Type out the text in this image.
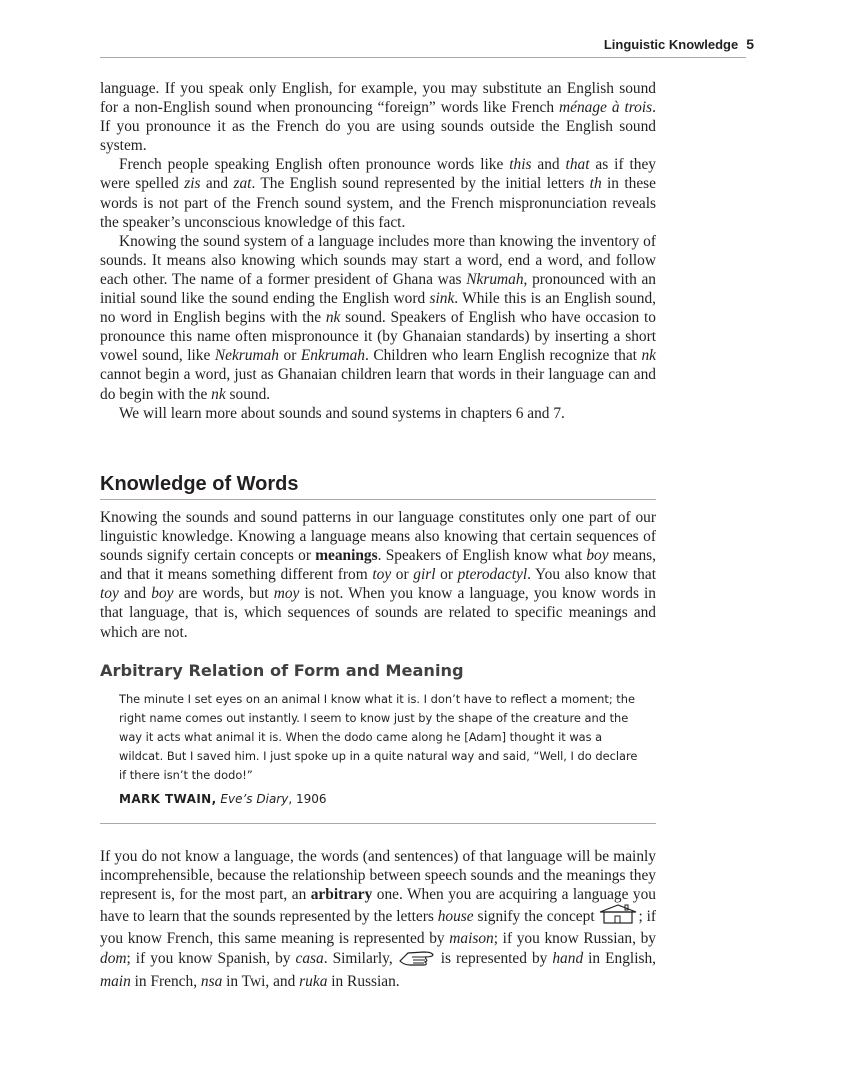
Linguistic Knowledge 5

language. If you speak only English, for example, you may substitute an English sound for a non-English sound when pronouncing “foreign” words like French ménage à trois. If you pronounce it as the French do you are using sounds outside the English sound system.

French people speaking English often pronounce words like this and that as if they were spelled zis and zat. The English sound represented by the initial letters th in these words is not part of the French sound system, and the French mispronunciation reveals the speaker’s unconscious knowledge of this fact.

Knowing the sound system of a language includes more than knowing the inventory of sounds. It means also knowing which sounds may start a word, end a word, and follow each other. The name of a former president of Ghana was Nkrumah, pronounced with an initial sound like the sound ending the English word sink. While this is an English sound, no word in English begins with the nk sound. Speakers of English who have occasion to pronounce this name often mispronounce it (by Ghanaian standards) by inserting a short vowel sound, like Nekrumah or Enkrumah. Children who learn English recognize that nk cannot begin a word, just as Ghanaian children learn that words in their language can and do begin with the nk sound.

We will learn more about sounds and sound systems in chapters 6 and 7.

Knowledge of Words

Knowing the sounds and sound patterns in our language constitutes only one part of our linguistic knowledge. Knowing a language means also knowing that certain sequences of sounds signify certain concepts or meanings. Speakers of English know what boy means, and that it means something different from toy or girl or pterodactyl. You also know that toy and boy are words, but moy is not. When you know a language, you know words in that language, that is, which sequences of sounds are related to specific meanings and which are not.

Arbitrary Relation of Form and Meaning

The minute I set eyes on an animal I know what it is. I don’t have to reflect a moment; the right name comes out instantly. I seem to know just by the shape of the creature and the way it acts what animal it is. When the dodo came along he [Adam] thought it was a wildcat. But I saved him. I just spoke up in a quite natural way and said, “Well, I do declare if there isn’t the dodo!”

MARK TWAIN, Eve’s Diary, 1906

If you do not know a language, the words (and sentences) of that language will be mainly incomprehensible, because the relationship between speech sounds and the meanings they represent is, for the most part, an arbitrary one. When you are acquiring a language you have to learn that the sounds represented by the letters house signify the concept	; if you know French, this same meaning is represented by maison; if you know Russian, by dom; if you know Spanish, by casa. Similarly,  is represented by hand in English, main in French, nsa in Twi, and ruka in Russian.
